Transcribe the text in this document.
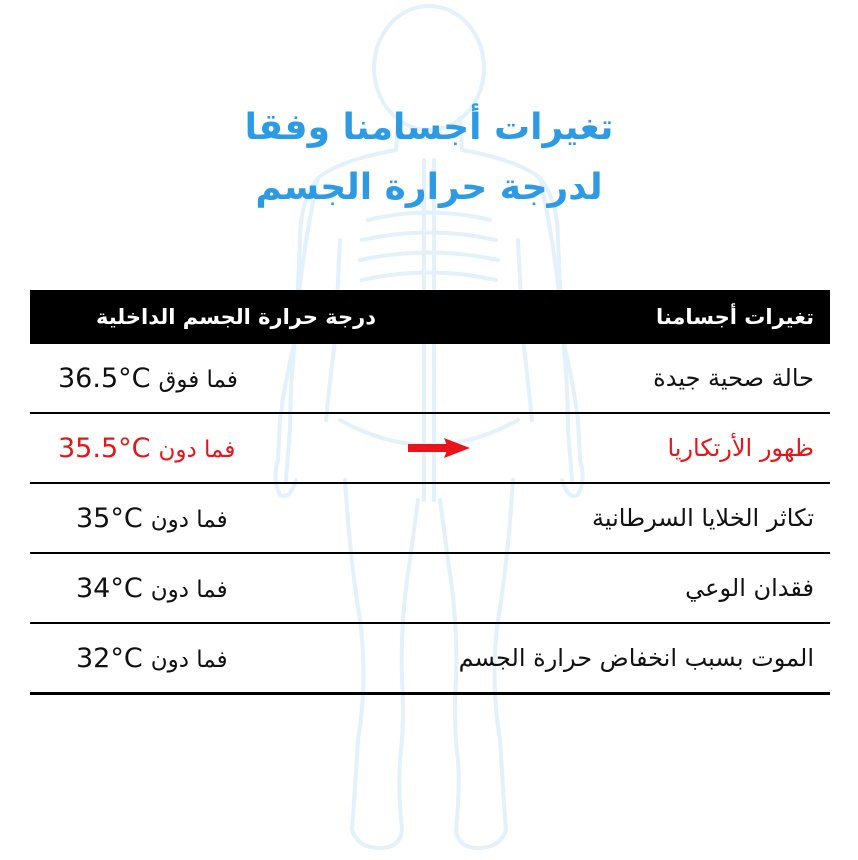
تغيرات أجسامنا وفقا
لدرجة حرارة الجسم
تغيرات أجسامنا
درجة حرارة الجسم الداخلية
حالة صحية جيدة
36.5°C فما فوق
ظهور الأرتكاريا
35.5°C فما دون
تكاثر الخلايا السرطانية
35°C فما دون
فقدان الوعي
34°C فما دون
الموت بسبب انخفاض حرارة الجسم
32°C فما دون
